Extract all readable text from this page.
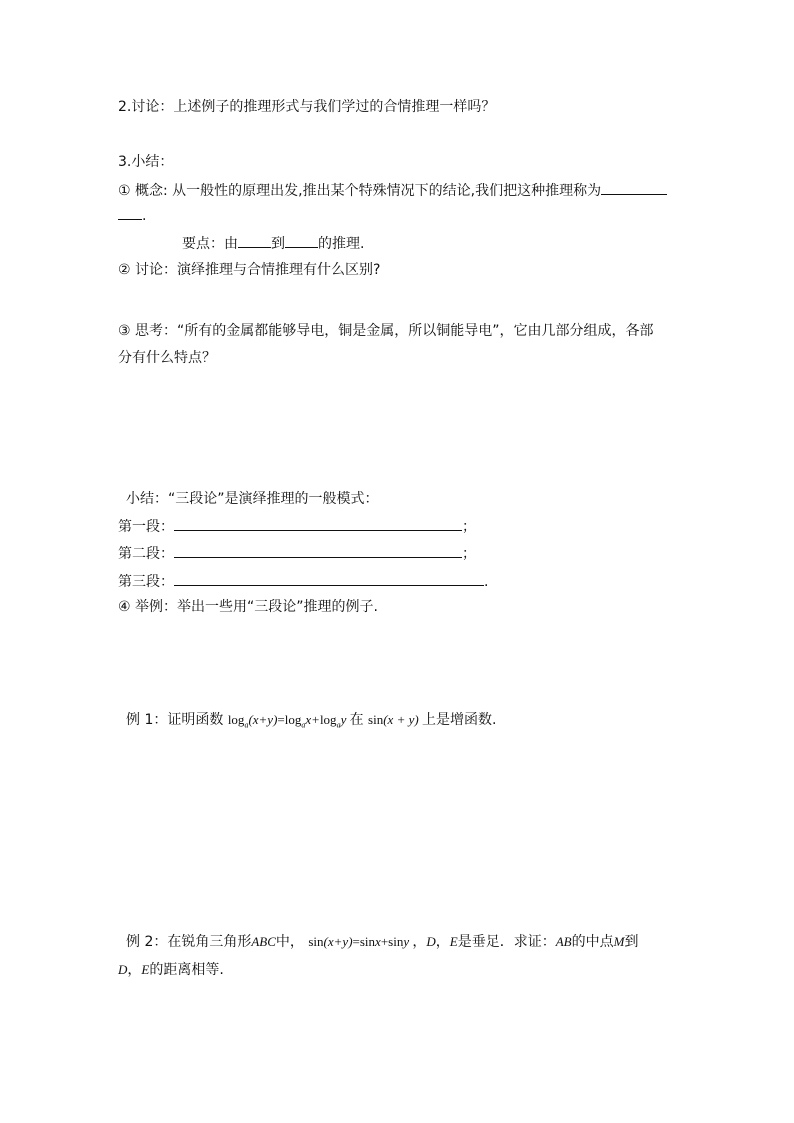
2.讨论：上述例子的推理形式与我们学过的合情推理一样吗？
3.小结：
① 概念: 从一般性的原理出发,推出某个特殊情况下的结论,我们把这种推理称为
.
要点：由 到 的推理.
② 讨论：演绎推理与合情推理有什么区别?
③ 思考：“所有的金属都能够导电，铜是金属，所以铜能导电”，它由几部分组成，各部
分有什么特点？
小结：“三段论”是演绎推理的一般模式：
第一段：	；
第二段：	；
第三段：	.
④ 举例：举出一些用“三段论”推理的例子.
例 1：证明函数 $\log_a(x+y)=\log_ax+\log_ay$ 在 sin(x + y) 上是增函数.
例 2：在锐角三角形ABC中， sin(x+y)=sinx+siny ，D，E是垂足．求证：AB的中点M到
D，E的距离相等.
